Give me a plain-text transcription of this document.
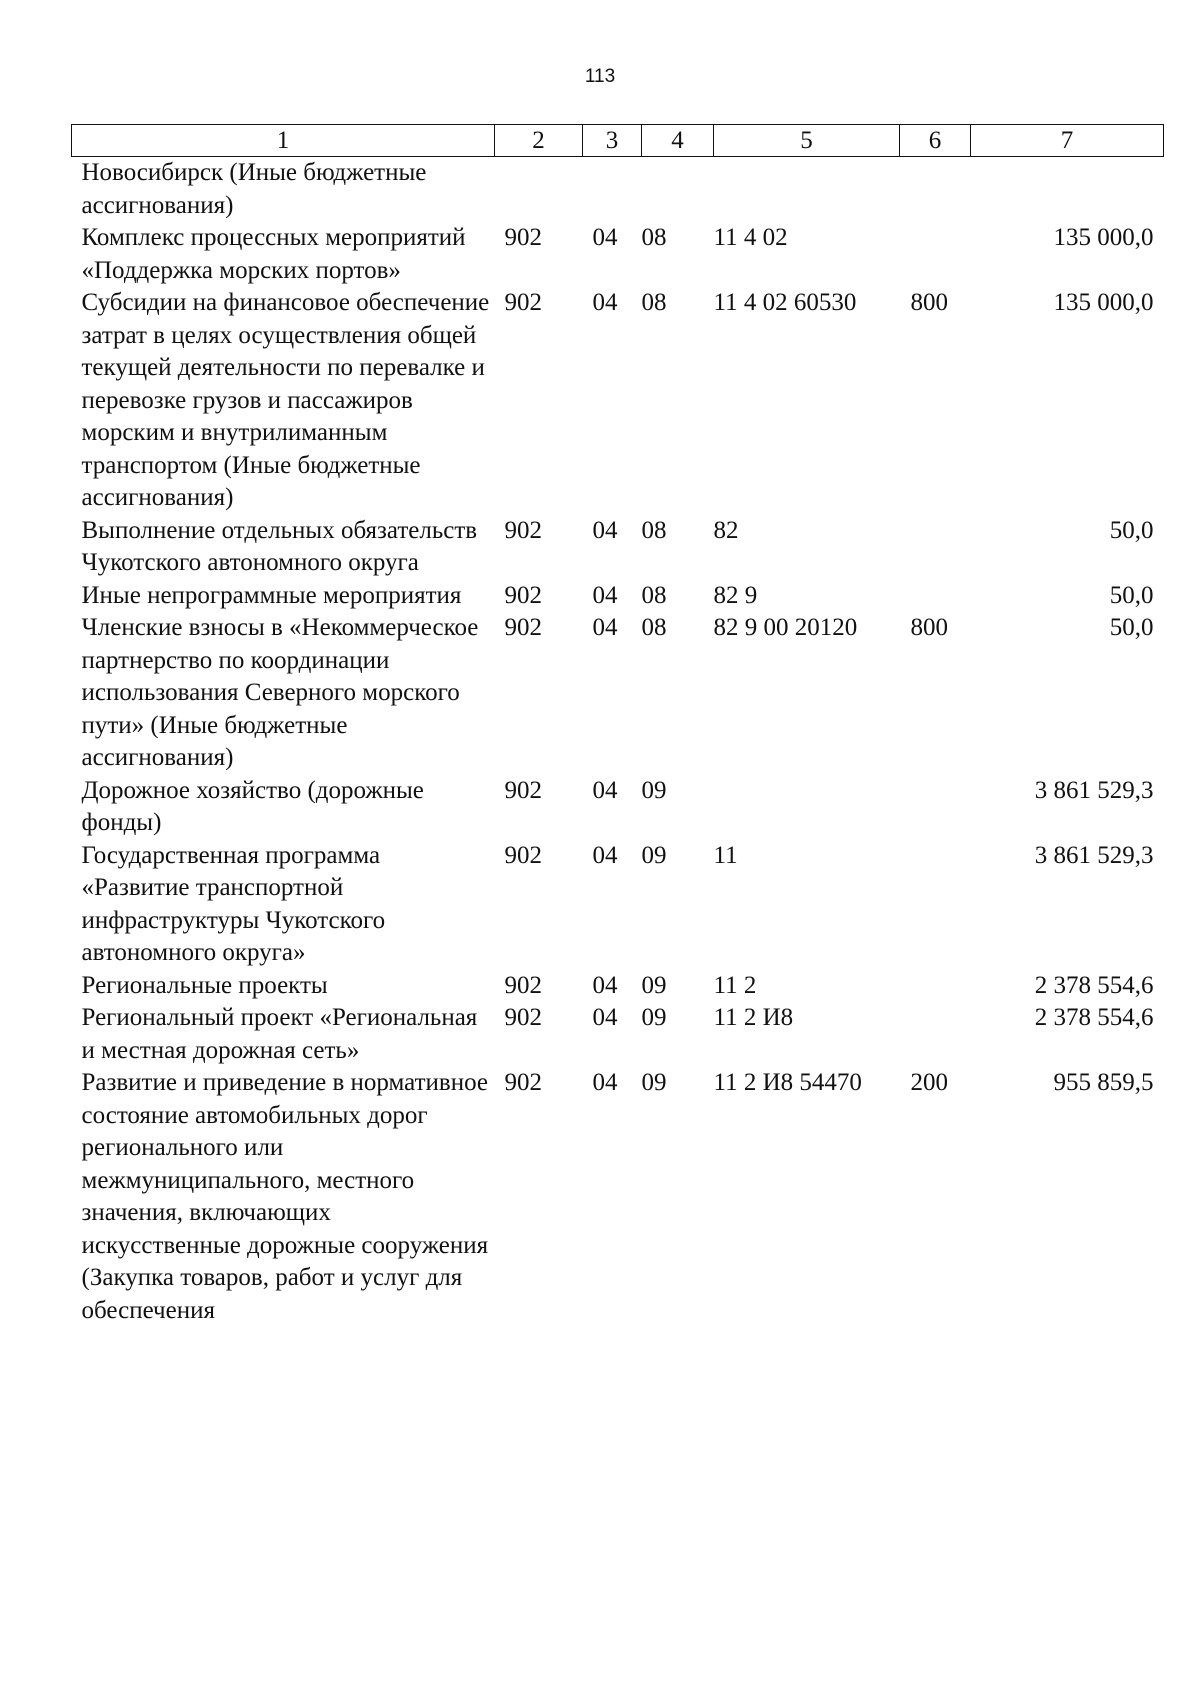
113
1	2	3	4	5	6	7
Новосибирск (Иные бюджетные ассигнования)						
Комплекс процессных мероприятий «Поддержка морских портов»	902	04	08	11 4 02		135 000,0
Субсидии на финансовое обеспечение затрат в целях осуществления общей текущей деятельности по перевалке и перевозке грузов и пассажиров морским и внутрилиманным транспортом (Иные бюджетные ассигнования)	902	04	08	11 4 02 60530	800	135 000,0
Выполнение отдельных обязательств Чукотского автономного округа	902	04	08	82		50,0
Иные непрограммные мероприятия	902	04	08	82 9		50,0
Членские взносы в «Некоммерческое партнерство по координации использования Северного морского пути» (Иные бюджетные ассигнования)	902	04	08	82 9 00 20120	800	50,0
Дорожное хозяйство (дорожные фонды)	902	04	09			3 861 529,3
Государственная программа «Развитие транспортной инфраструктуры Чукотского автономного округа»	902	04	09	11		3 861 529,3
Региональные проекты	902	04	09	11 2		2 378 554,6
Региональный проект «Региональная и местная дорожная сеть»	902	04	09	11 2 И8		2 378 554,6
Развитие и приведение в нормативное состояние автомобильных дорог регионального или межмуниципального, местного значения, включающих искусственные дорожные сооружения (Закупка товаров, работ и услуг для обеспечения	902	04	09	11 2 И8 54470	200	955 859,5
